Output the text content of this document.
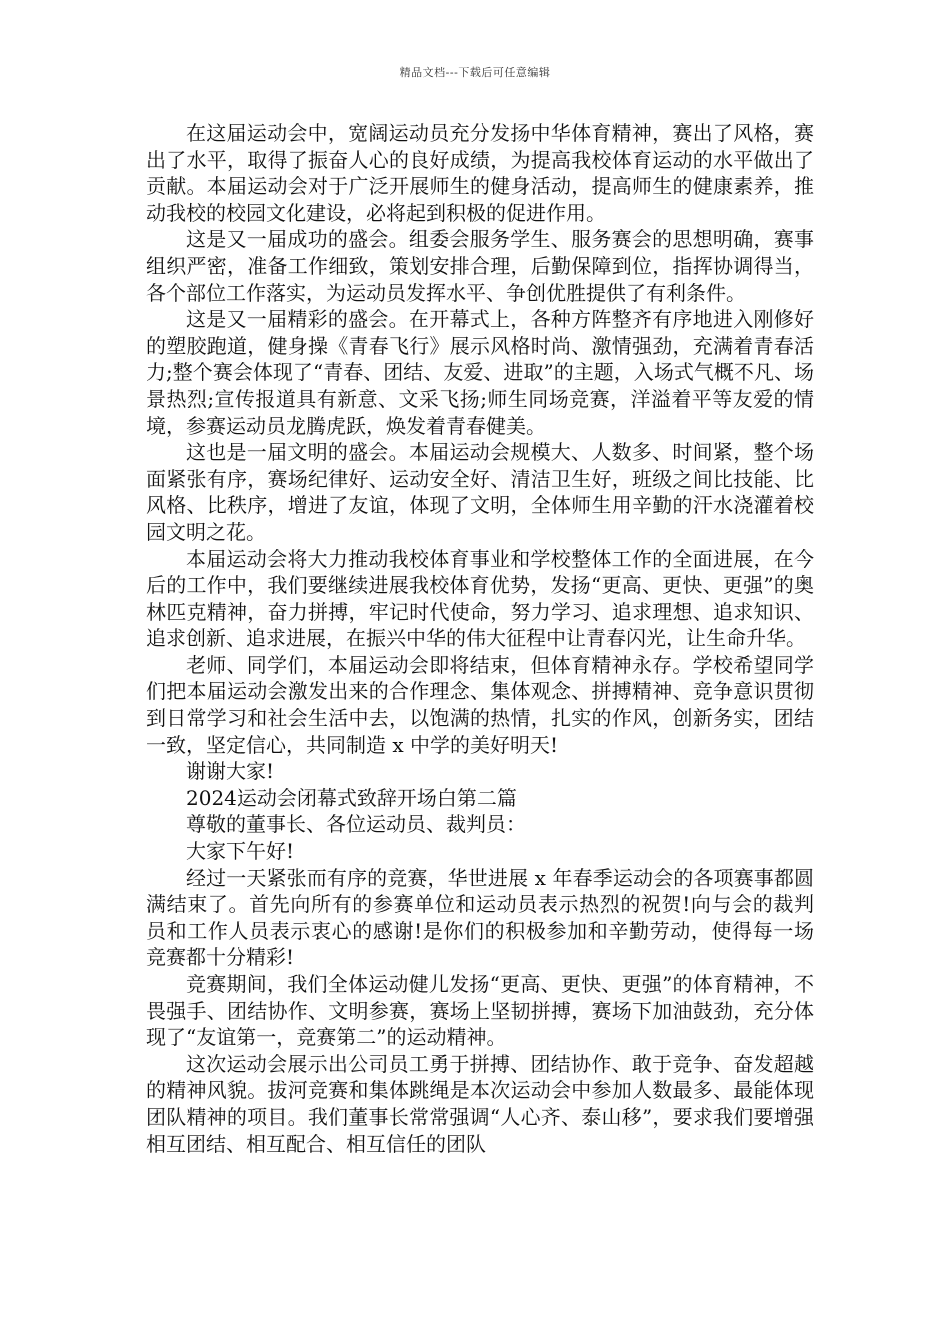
精品文档---下载后可任意编辑

在这届运动会中，宽阔运动员充分发扬中华体育精神，赛出了风格，赛出了水平，取得了振奋人心的良好成绩，为提高我校体育运动的水平做出了贡献。本届运动会对于广泛开展师生的健身活动，提高师生的健康素养，推动我校的校园文化建设，必将起到积极的促进作用。

这是又一届成功的盛会。组委会服务学生、服务赛会的思想明确，赛事组织严密，准备工作细致，策划安排合理，后勤保障到位，指挥协调得当，各个部位工作落实，为运动员发挥水平、争创优胜提供了有利条件。

这是又一届精彩的盛会。在开幕式上，各种方阵整齐有序地进入刚修好的塑胶跑道，健身操《青春飞行》展示风格时尚、激情强劲，充满着青春活力;整个赛会体现了“青春、团结、友爱、进取”的主题，入场式气概不凡、场景热烈;宣传报道具有新意、文采飞扬;师生同场竞赛，洋溢着平等友爱的情境，参赛运动员龙腾虎跃，焕发着青春健美。

这也是一届文明的盛会。本届运动会规模大、人数多、时间紧，整个场面紧张有序，赛场纪律好、运动安全好、清洁卫生好，班级之间比技能、比风格、比秩序，增进了友谊，体现了文明，全体师生用辛勤的汗水浇灌着校园文明之花。

本届运动会将大力推动我校体育事业和学校整体工作的全面进展，在今后的工作中，我们要继续进展我校体育优势，发扬“更高、更快、更强”的奥林匹克精神，奋力拼搏，牢记时代使命，努力学习、追求理想、追求知识、追求创新、追求进展，在振兴中华的伟大征程中让青春闪光，让生命升华。

老师、同学们，本届运动会即将结束，但体育精神永存。学校希望同学们把本届运动会激发出来的合作理念、集体观念、拼搏精神、竞争意识贯彻到日常学习和社会生活中去，以饱满的热情，扎实的作风，创新务实，团结一致，坚定信心，共同制造 x 中学的美好明天!

谢谢大家!

2024运动会闭幕式致辞开场白第二篇

尊敬的董事长、各位运动员、裁判员：

大家下午好!

经过一天紧张而有序的竞赛，华世进展 x 年春季运动会的各项赛事都圆满结束了。首先向所有的参赛单位和运动员表示热烈的祝贺!向与会的裁判员和工作人员表示衷心的感谢!是你们的积极参加和辛勤劳动，使得每一场竞赛都十分精彩!

竞赛期间，我们全体运动健儿发扬“更高、更快、更强”的体育精神，不畏强手、团结协作、文明参赛，赛场上坚韧拼搏，赛场下加油鼓劲，充分体现了“友谊第一，竞赛第二”的运动精神。

这次运动会展示出公司员工勇于拼搏、团结协作、敢于竞争、奋发超越的精神风貌。拔河竞赛和集体跳绳是本次运动会中参加人数最多、最能体现团队精神的项目。我们董事长常常强调“人心齐、泰山移”，要求我们要增强相互团结、相互配合、相互信任的团队
